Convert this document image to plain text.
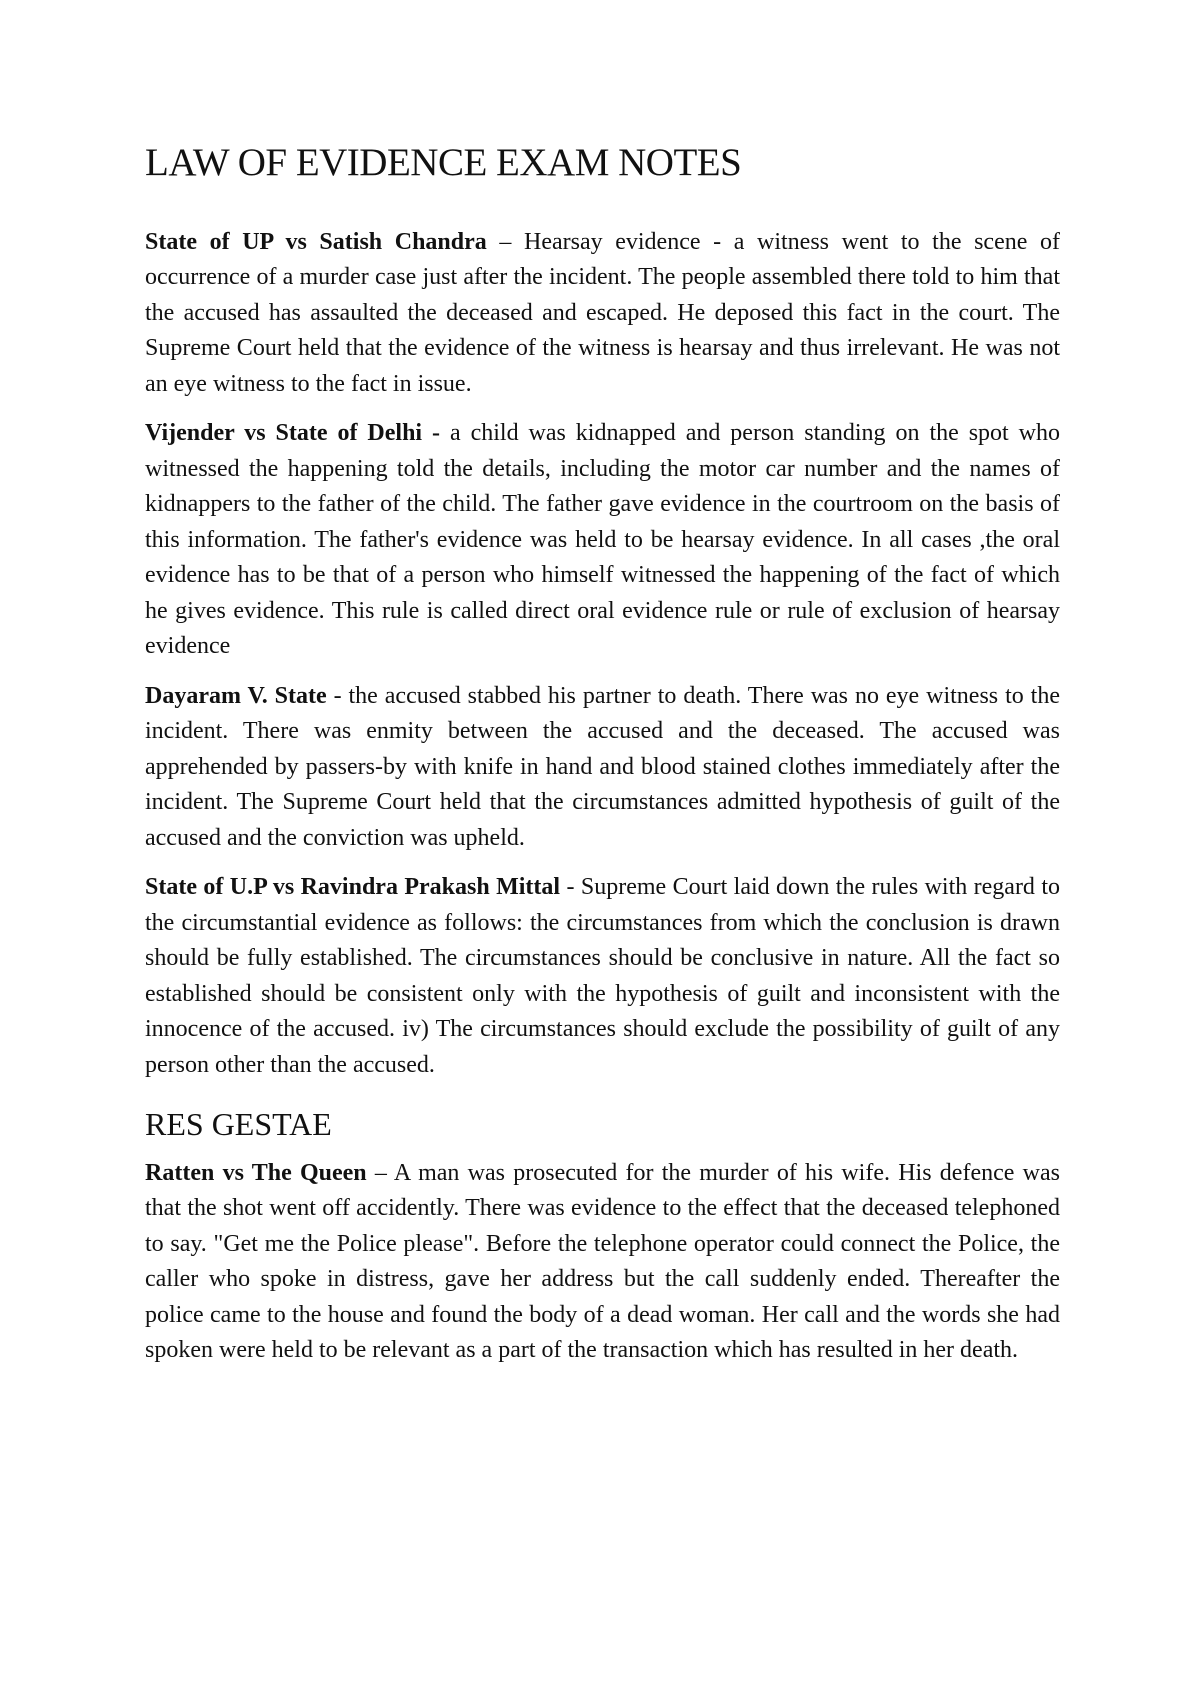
LAW OF EVIDENCE EXAM NOTES

State of UP vs Satish Chandra – Hearsay evidence - a witness went to the scene of occurrence of a murder case just after the incident. The people assembled there told to him that the accused has assaulted the deceased and escaped. He deposed this fact in the court. The Supreme Court held that the evidence of the witness is hearsay and thus irrelevant. He was not an eye witness to the fact in issue.

Vijender vs State of Delhi - a child was kidnapped and person standing on the spot who witnessed the happening told the details, including the motor car number and the names of kidnappers to the father of the child. The father gave evidence in the courtroom on the basis of this information. The father's evidence was held to be hearsay evidence. In all cases ,the oral evidence has to be that of a person who himself witnessed the happening of the fact of which he gives evidence. This rule is called direct oral evidence rule or rule of exclusion of hearsay evidence

Dayaram V. State - the accused stabbed his partner to death. There was no eye witness to the incident. There was enmity between the accused and the deceased. The accused was apprehended by passers-by with knife in hand and blood stained clothes immediately after the incident. The Supreme Court held that the circumstances admitted hypothesis of guilt of the accused and the conviction was upheld.

State of U.P vs Ravindra Prakash Mittal - Supreme Court laid down the rules with regard to the circumstantial evidence as follows: the circumstances from which the conclusion is drawn should be fully established. The circumstances should be conclusive in nature. All the fact so established should be consistent only with the hypothesis of guilt and inconsistent with the innocence of the accused. iv) The circumstances should exclude the possibility of guilt of any person other than the accused.

RES GESTAE

Ratten vs The Queen – A man was prosecuted for the murder of his wife. His defence was that the shot went off accidently. There was evidence to the effect that the deceased telephoned to say. "Get me the Police please". Before the telephone operator could connect the Police, the caller who spoke in distress, gave her address but the call suddenly ended. Thereafter the police came to the house and found the body of a dead woman. Her call and the words she had spoken were held to be relevant as a part of the transaction which has resulted in her death.
